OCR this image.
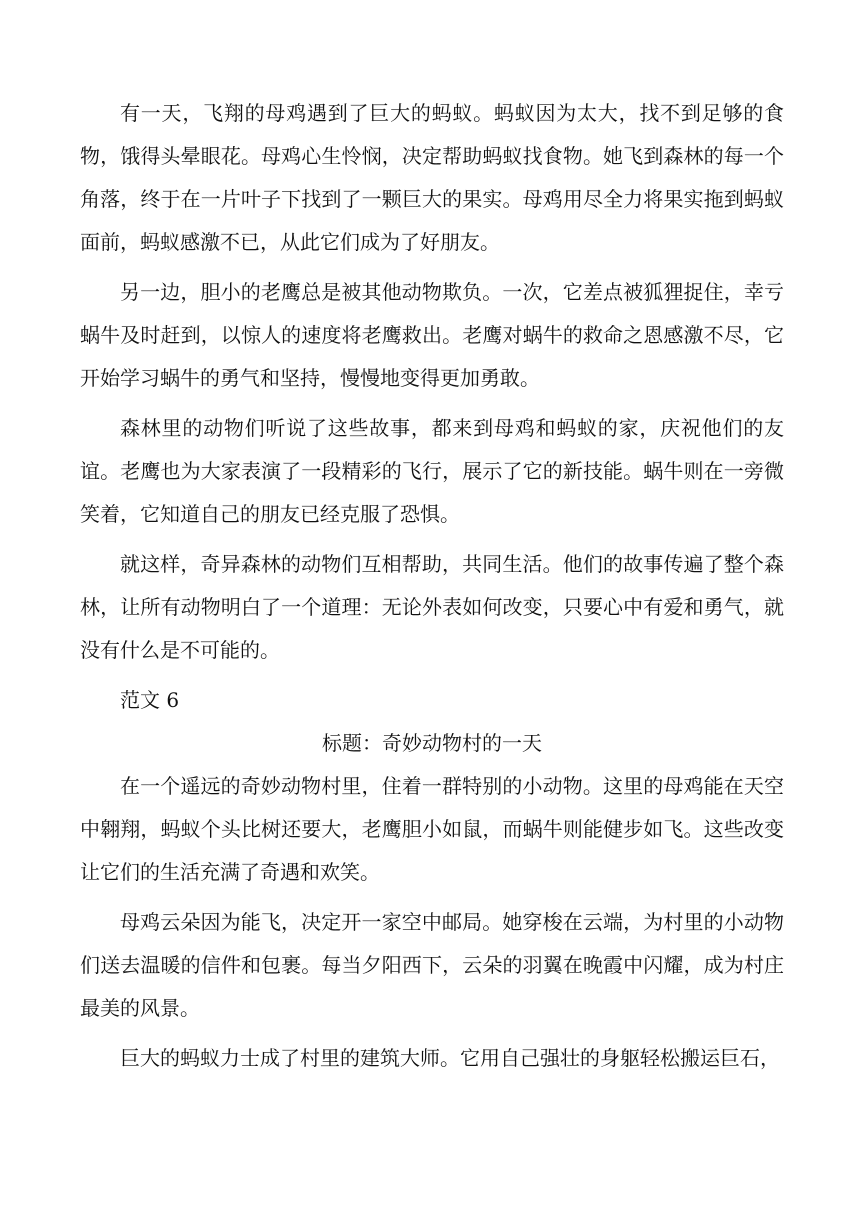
有一天，飞翔的母鸡遇到了巨大的蚂蚁。蚂蚁因为太大，找不到足够的食物，饿得头晕眼花。母鸡心生怜悯，决定帮助蚂蚁找食物。她飞到森林的每一个角落，终于在一片叶子下找到了一颗巨大的果实。母鸡用尽全力将果实拖到蚂蚁面前，蚂蚁感激不已，从此它们成为了好朋友。

另一边，胆小的老鹰总是被其他动物欺负。一次，它差点被狐狸捉住，幸亏蜗牛及时赶到，以惊人的速度将老鹰救出。老鹰对蜗牛的救命之恩感激不尽，它开始学习蜗牛的勇气和坚持，慢慢地变得更加勇敢。

森林里的动物们听说了这些故事，都来到母鸡和蚂蚁的家，庆祝他们的友谊。老鹰也为大家表演了一段精彩的飞行，展示了它的新技能。蜗牛则在一旁微笑着，它知道自己的朋友已经克服了恐惧。

就这样，奇异森林的动物们互相帮助，共同生活。他们的故事传遍了整个森林，让所有动物明白了一个道理：无论外表如何改变，只要心中有爱和勇气，就没有什么是不可能的。

范文 6

标题：奇妙动物村的一天

在一个遥远的奇妙动物村里，住着一群特别的小动物。这里的母鸡能在天空中翱翔，蚂蚁个头比树还要大，老鹰胆小如鼠，而蜗牛则能健步如飞。这些改变让它们的生活充满了奇遇和欢笑。

母鸡云朵因为能飞，决定开一家空中邮局。她穿梭在云端，为村里的小动物们送去温暖的信件和包裹。每当夕阳西下，云朵的羽翼在晚霞中闪耀，成为村庄最美的风景。

巨大的蚂蚁力士成了村里的建筑大师。它用自己强壮的身躯轻松搬运巨石，
